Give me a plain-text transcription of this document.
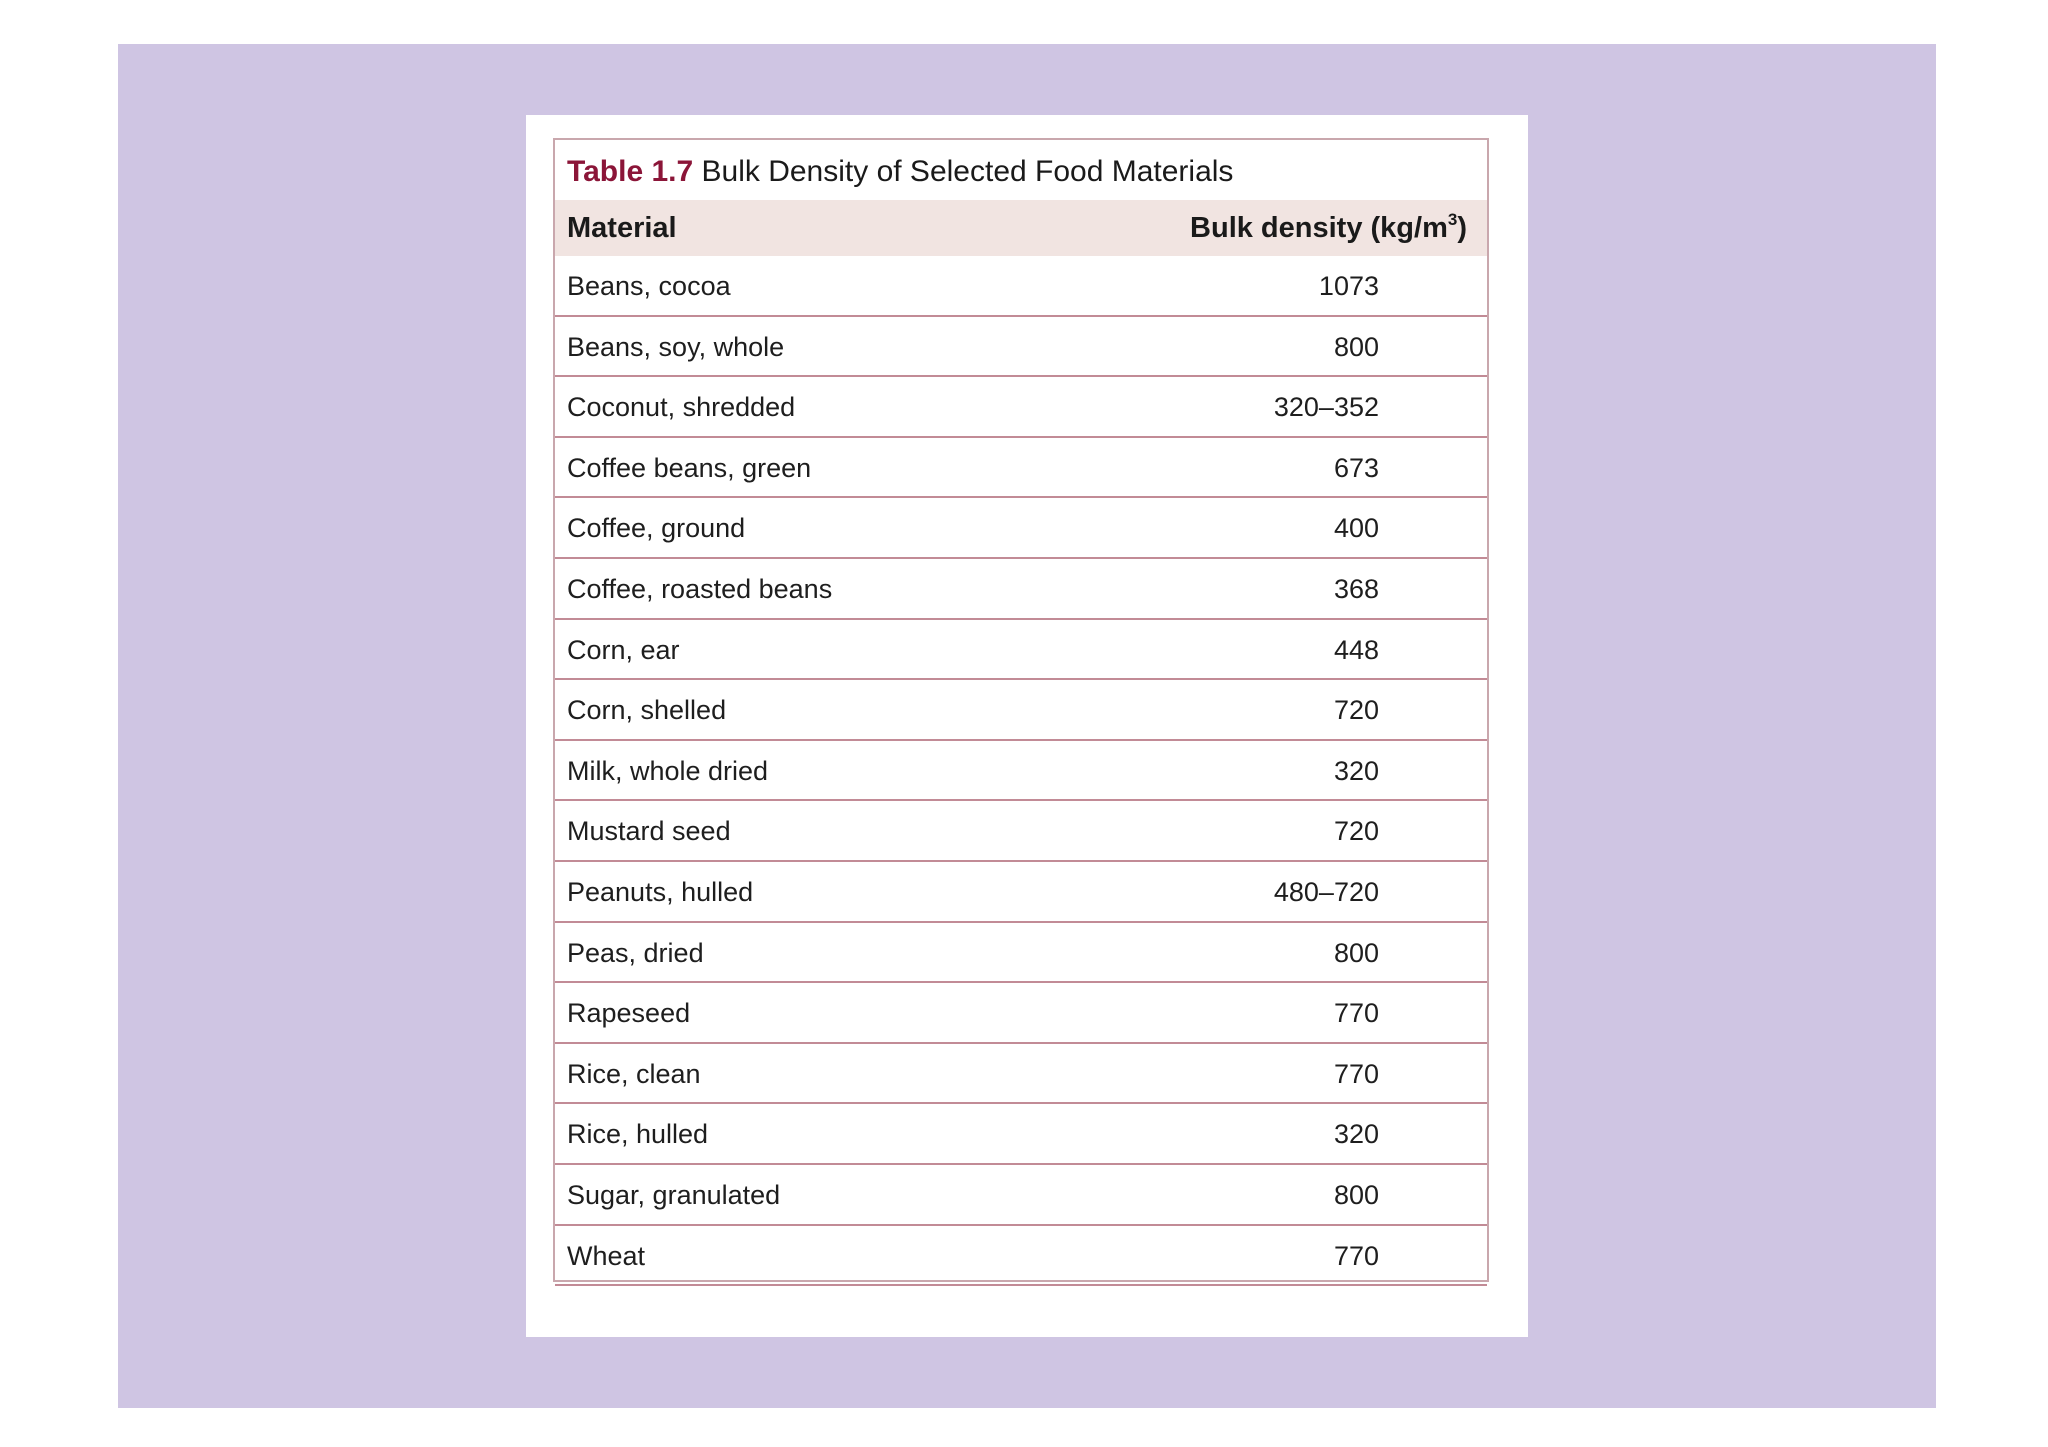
Table 1.7 Bulk Density of Selected Food Materials
Material	Bulk density $(kg/m^3)$
Beans, cocoa	1073
Beans, soy, whole	800
Coconut, shredded	320–352
Coffee beans, green	673
Coffee, ground	400
Coffee, roasted beans	368
Corn, ear	448
Corn, shelled	720
Milk, whole dried	320
Mustard seed	720
Peanuts, hulled	480–720
Peas, dried	800
Rapeseed	770
Rice, clean	770
Rice, hulled	320
Sugar, granulated	800
Wheat	770
